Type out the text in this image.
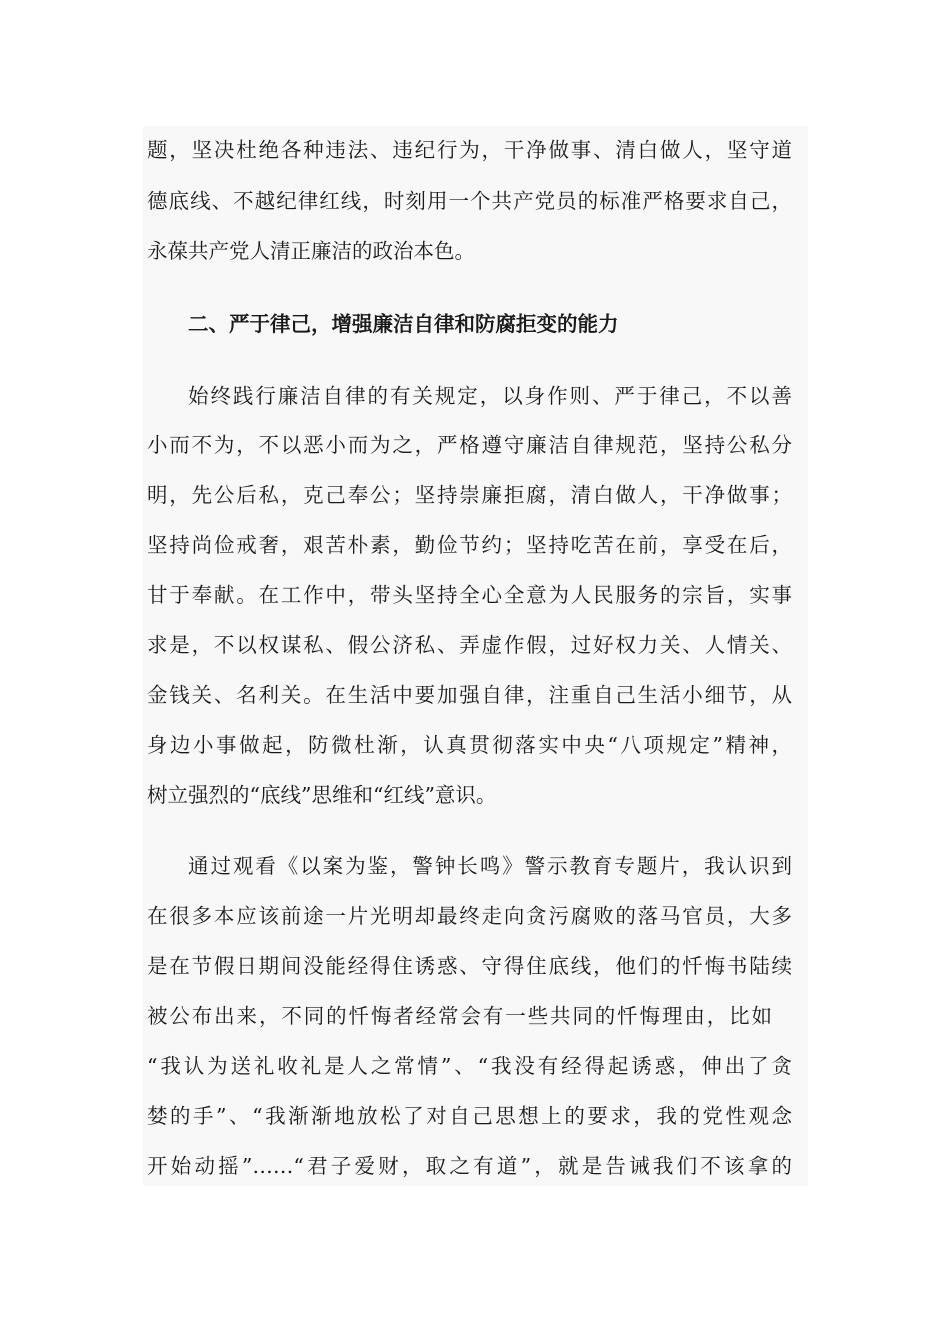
题，坚决杜绝各种违法、违纪行为，干净做事、清白做人，坚守道
德底线、不越纪律红线，时刻用一个共产党员的标准严格要求自己，
永葆共产党人清正廉洁的政治本色。
二、严于律己，增强廉洁自律和防腐拒变的能力
始终践行廉洁自律的有关规定，以身作则、严于律己，不以善
小而不为，不以恶小而为之，严格遵守廉洁自律规范，坚持公私分
明，先公后私，克己奉公；坚持崇廉拒腐，清白做人，干净做事；
坚持尚俭戒奢，艰苦朴素，勤俭节约；坚持吃苦在前，享受在后，
甘于奉献。在工作中，带头坚持全心全意为人民服务的宗旨，实事
求是，不以权谋私、假公济私、弄虚作假，过好权力关、人情关、
金钱关、名利关。在生活中要加强自律，注重自己生活小细节，从
身边小事做起，防微杜渐，认真贯彻落实中央“八项规定”精神，
树立强烈的“底线”思维和“红线”意识。
通过观看《以案为鉴，警钟长鸣》警示教育专题片，我认识到
在很多本应该前途一片光明却最终走向贪污腐败的落马官员，大多
是在节假日期间没能经得住诱惑、守得住底线，他们的忏悔书陆续
被公布出来，不同的忏悔者经常会有一些共同的忏悔理由，比如
“我认为送礼收礼是人之常情”、“我没有经得起诱惑，伸出了贪
婪的手”、“我渐渐地放松了对自己思想上的要求，我的党性观念
开始动摇”……“君子爱财，取之有道”，就是告诫我们不该拿的
